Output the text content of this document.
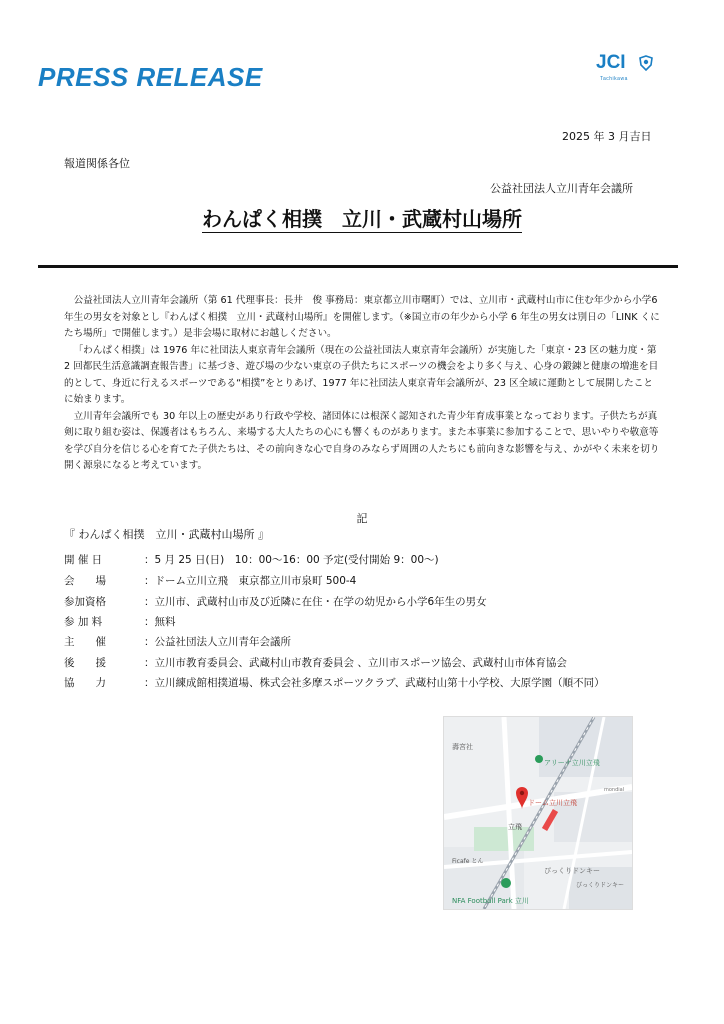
PRESS RELEASE	JCI
Tachikawa
2025 年 3 月吉日
報道関係各位
公益社団法人立川青年会議所
わんぱく相撲　立川・武蔵村山場所

公益社団法人立川青年会議所（第 61 代理事長：長井　俊 事務局：東京都立川市曙町）では、立川市・武蔵村山市に住む年少から小学6年生の男女を対象とし『わんぱく相撲　立川・武蔵村山場所』を開催します。（※国立市の年少から小学 6 年生の男女は別日の「LINK くにたち場所」で開催します。）是非会場に取材にお越しください。

「わんぱく相撲」は 1976 年に社団法人東京青年会議所（現在の公益社団法人東京青年会議所）が実施した「東京・23 区の魅力度・第 2 回都民生活意識調査報告書」に基づき、遊び場の少ない東京の子供たちにスポーツの機会をより多く与え、心身の鍛錬と健康の増進を目的として、身近に行えるスポーツである“相撲”をとりあげ、1977 年に社団法人東京青年会議所が、23 区全域に運動として展開したことに始まります。

立川青年会議所でも 30 年以上の歴史があり行政や学校、諸団体には根深く認知された青少年育成事業となっております。子供たちが真剣に取り組む姿は、保護者はもちろん、来場する大人たちの心にも響くものがあります。また本事業に参加することで、思いやりや敬意等を学び自分を信じる心を育てた子供たちは、その前向きな心で自身のみならず周囲の人たちにも前向きな影響を与え、かがやく未来を切り開く源泉になると考えています。

記
『 わんぱく相撲　立川・武蔵村山場所 』
開 催 日	：5 月 25 日(日)　10：00～16：00 予定(受付開始 9：00～)
会　　場	：ドーム立川立飛　東京都立川市泉町 500-4
参加資格	：立川市、武蔵村山市及び近隣に在住・在学の幼児から小学6年生の男女
参 加 料	：無料
主　　催	：公益社団法人立川青年会議所
後　　援	：立川市教育委員会、武蔵村山市教育委員会 、立川市スポーツ協会、武蔵村山市体育協会
協　　力	：立川練成館相撲道場、株式会社多摩スポーツクラブ、武蔵村山第十小学校、大原学園（順不同）
壽宮社
アリーナ立川立飛
ドーム立川立飛
立飛
Ficafe とん
ぴっくりドンキー
びっくりドンキー
NFA Football Park 立川
mondial
